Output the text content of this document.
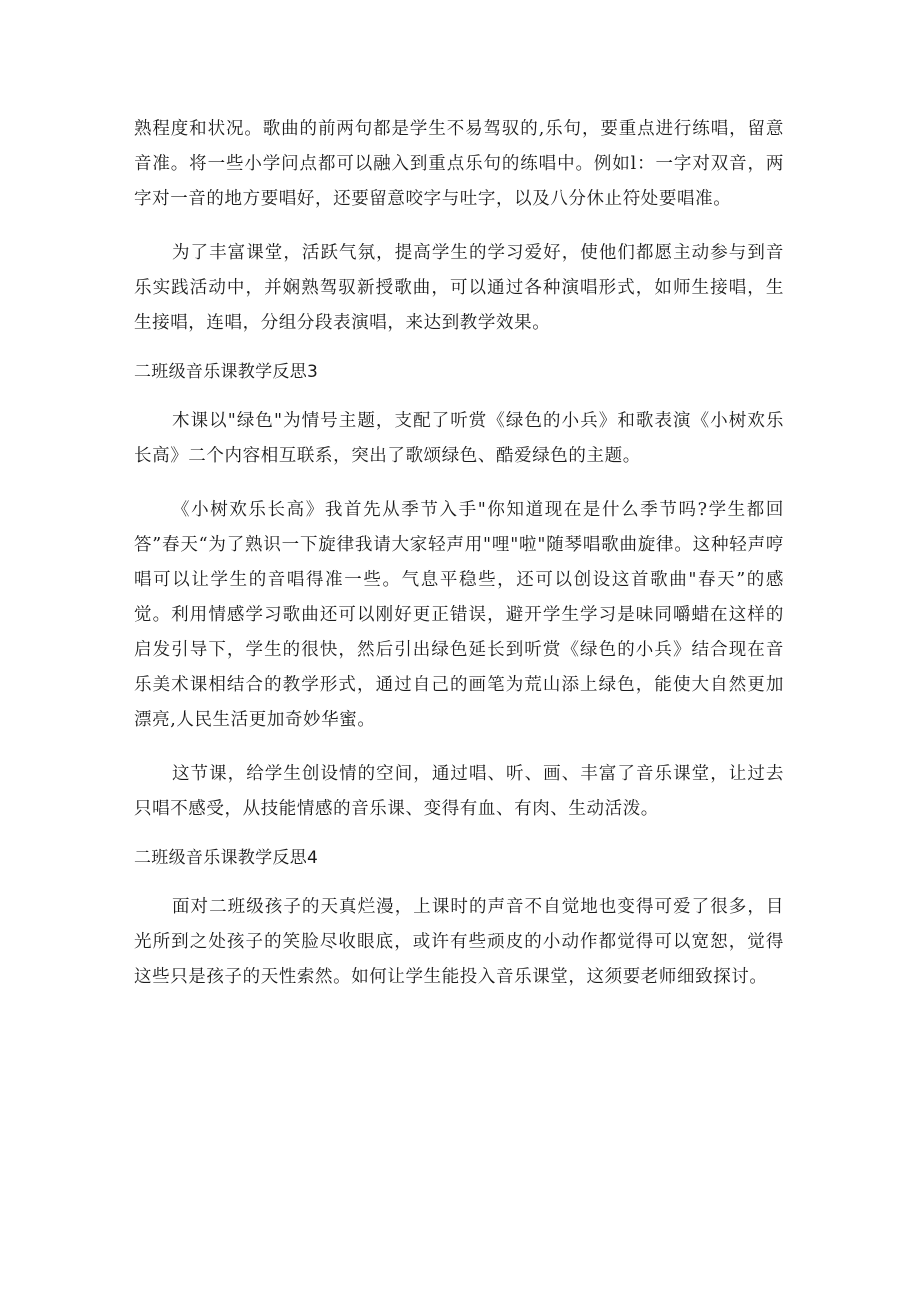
熟程度和状况。歌曲的前两句都是学生不易驾驭的,乐句，要重点进行练唱，留意音准。将一些小学问点都可以融入到重点乐句的练唱中。例如l：一字对双音，两字对一音的地方要唱好，还要留意咬字与吐字，以及八分休止符处要唱准。

为了丰富课堂，活跃气氛，提高学生的学习爱好，使他们都愿主动参与到音乐实践活动中，并娴熟驾驭新授歌曲，可以通过各种演唱形式，如师生接唱，生生接唱，连唱，分组分段表演唱，来达到教学效果。

二班级音乐课教学反思3

木课以"绿色"为情号主题，支配了听赏《绿色的小兵》和歌表演《小树欢乐长高》二个内容相互联系，突出了歌颂绿色、酷爱绿色的主题。

《小树欢乐长高》我首先从季节入手"你知道现在是什么季节吗?学生都回答”春天“为了熟识一下旋律我请大家轻声用"哩"啦"随琴唱歌曲旋律。这种轻声哼唱可以让学生的音唱得准一些。气息平稳些，还可以创设这首歌曲"春天”的感觉。利用情感学习歌曲还可以刚好更正错误，避开学生学习是味同嚼蜡在这样的启发引导下，学生的很快，然后引出绿色延长到听赏《绿色的小兵》结合现在音乐美术课相结合的教学形式，通过自己的画笔为荒山添上绿色，能使大自然更加漂亮,人民生活更加奇妙华蜜。

这节课，给学生创设情的空间，通过唱、听、画、丰富了音乐课堂，让过去只唱不感受，从技能情感的音乐课、变得有血、有肉、生动活泼。

二班级音乐课教学反思4

面对二班级孩子的天真烂漫，上课时的声音不自觉地也变得可爱了很多，目光所到之处孩子的笑脸尽收眼底，或许有些顽皮的小动作都觉得可以宽恕，觉得这些只是孩子的天性索然。如何让学生能投入音乐课堂，这须要老师细致探讨。
